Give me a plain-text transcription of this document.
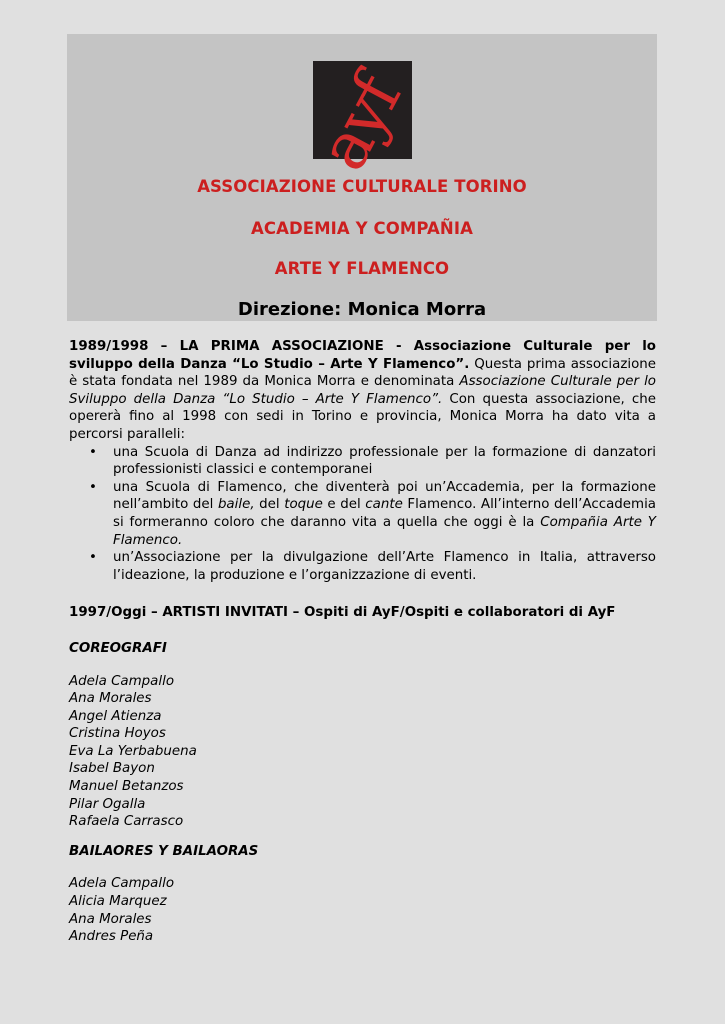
ayf
ASSOCIAZIONE CULTURALE TORINO
ACADEMIA Y COMPAÑIA
ARTE Y FLAMENCO
Direzione: Monica Morra

1989/1998 – LA PRIMA ASSOCIAZIONE - Associazione Culturale per lo sviluppo della Danza “Lo Studio – Arte Y Flamenco”. Questa prima associazione è stata fondata nel 1989 da Monica Morra e denominata Associazione Culturale per lo Sviluppo della Danza “Lo Studio – Arte Y Flamenco”. Con questa associazione, che opererà fino al 1998 con sedi in Torino e provincia, Monica Morra ha dato vita a percorsi paralleli:

• una Scuola di Danza ad indirizzo professionale per la formazione di danzatori professionisti classici e contemporanei
• una Scuola di Flamenco, che diventerà poi un’Accademia, per la formazione nell’ambito del baile, del toque e del cante Flamenco. All’interno dell’Accademia si formeranno coloro che daranno vita a quella che oggi è la Compañia Arte Y Flamenco.
• un’Associazione per la divulgazione dell’Arte Flamenco in Italia, attraverso l’ideazione, la produzione e l’organizzazione di eventi.
1997/Oggi – ARTISTI INVITATI – Ospiti di AyF/Ospiti e collaboratori di AyF
COREOGRAFI
Adela Campallo
Ana Morales
Angel Atienza
Cristina Hoyos
Eva La Yerbabuena
Isabel Bayon
Manuel Betanzos
Pilar Ogalla
Rafaela Carrasco
BAILAORES Y BAILAORAS
Adela Campallo
Alicia Marquez
Ana Morales
Andres Peña
